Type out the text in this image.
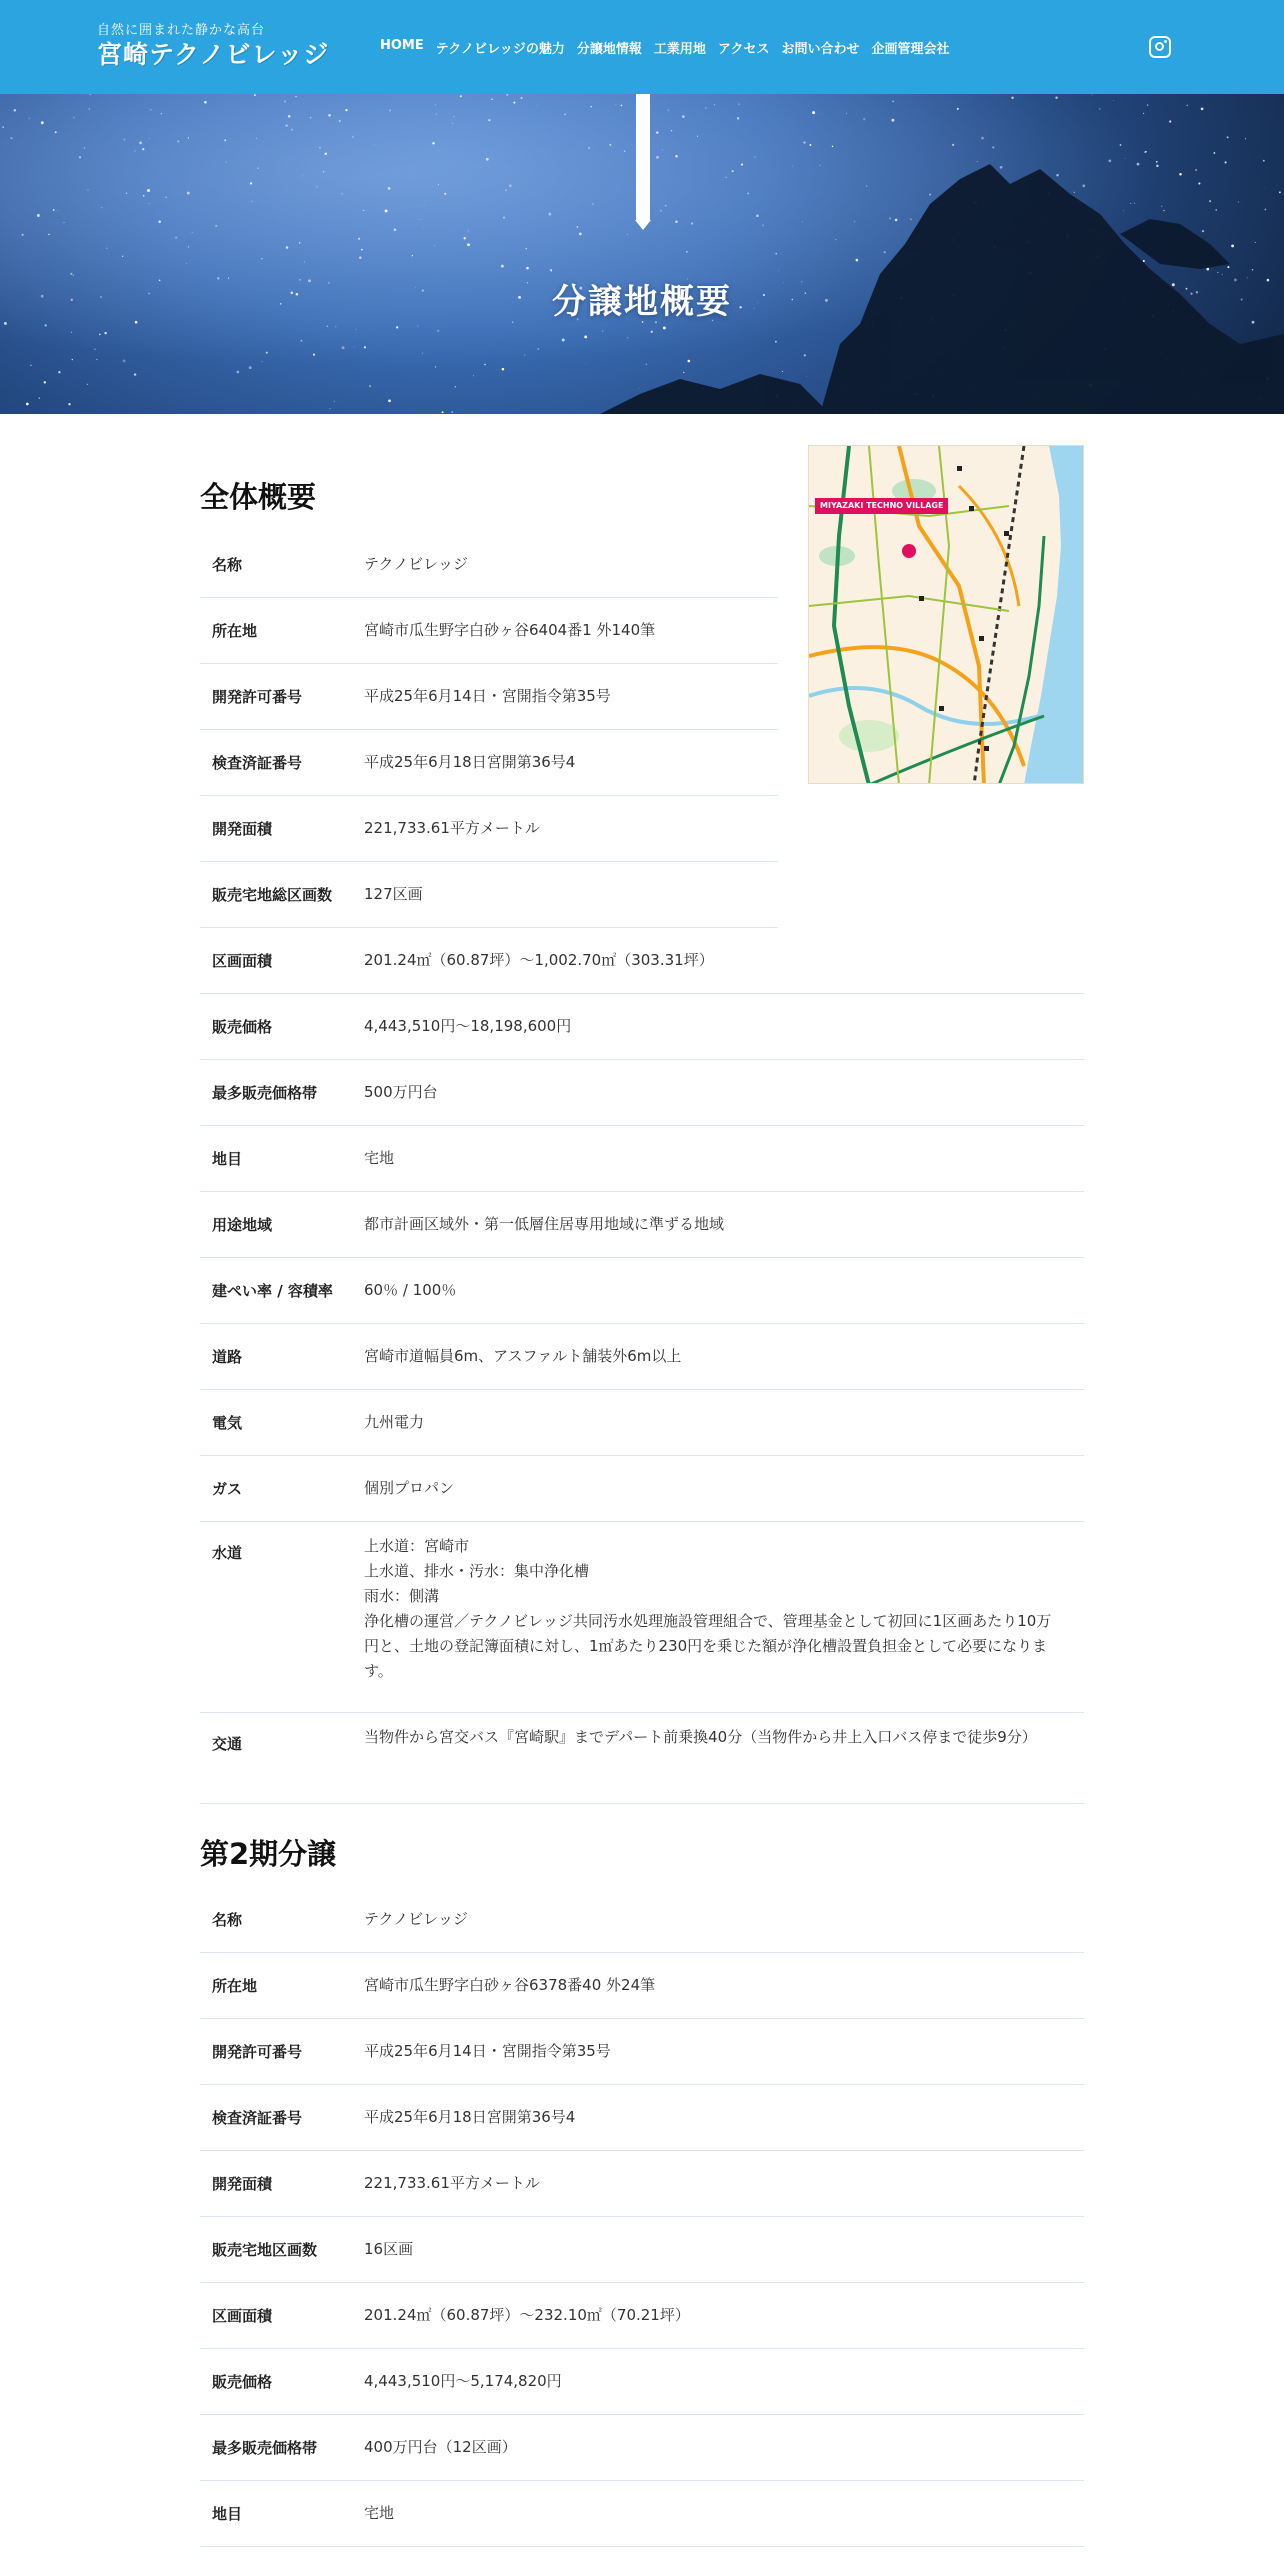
自然に囲まれた静かな高台
宮崎テクノビレッジ	HOME テクノビレッジの魅力 分譲地情報 工業用地 アクセス お問い合わせ 企画管理会社
分譲地概要
MIYAZAKI TECHNO VILLAGE
全体概要
名称	テクノビレッジ
所在地	宮崎市瓜生野字白砂ヶ谷6404番1 外140筆
開発許可番号	平成25年6月14日・宮開指令第35号
検査済証番号	平成25年6月18日宮開第36号4
開発面積	221,733.61平方メートル
販売宅地総区画数	127区画
区画面積	201.24㎡（60.87坪）～1,002.70㎡（303.31坪）
販売価格	4,443,510円～18,198,600円
最多販売価格帯	500万円台
地目	宅地
用途地域	都市計画区域外・第一低層住居専用地域に準ずる地域
建ぺい率 / 容積率	60％ / 100％
道路	宮崎市道幅員6m、アスファルト舗装外6m以上
電気	九州電力
ガス	個別プロパン
水道	上水道：宮崎市
上水道、排水・汚水：集中浄化槽
雨水：側溝
浄化槽の運営／テクノビレッジ共同汚水処理施設管理組合で、管理基金として初回に1区画あたり10万円と、土地の登記簿面積に対し、1㎡あたり230円を乗じた額が浄化槽設置負担金として必要になります。
交通	当物件から宮交バス『宮崎駅』までデパート前乗換40分（当物件から井上入口バス停まで徒歩9分）
第2期分譲
名称	テクノビレッジ
所在地	宮崎市瓜生野字白砂ヶ谷6378番40 外24筆
開発許可番号	平成25年6月14日・宮開指令第35号
検査済証番号	平成25年6月18日宮開第36号4
開発面積	221,733.61平方メートル
販売宅地区画数	16区画
区画面積	201.24㎡（60.87坪）～232.10㎡（70.21坪）
販売価格	4,443,510円～5,174,820円
最多販売価格帯	400万円台（12区画）
地目	宅地
